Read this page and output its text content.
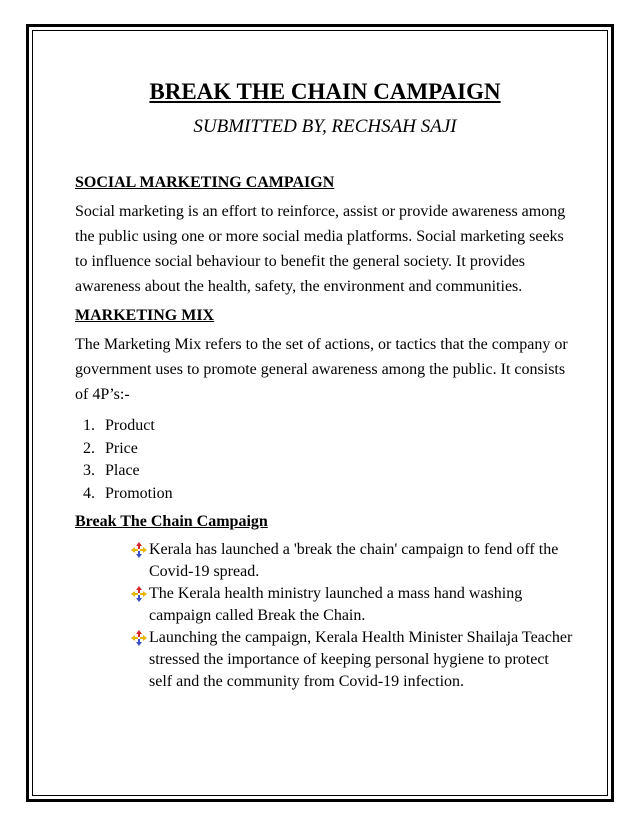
BREAK THE CHAIN CAMPAIGN

SUBMITTED BY, RECHSAH SAJI

SOCIAL MARKETING CAMPAIGN

Social marketing is an effort to reinforce, assist or provide awareness among the public using one or more social media platforms. Social marketing seeks to influence social behaviour to benefit the general society. It provides awareness about the health, safety, the environment and communities.

MARKETING MIX

The Marketing Mix refers to the set of actions, or tactics that the company or government uses to promote general awareness among the public. It consists of 4P’s:-

1. Product
2. Price
3. Place
4. Promotion
Break The Chain Campaign
Kerala has launched a 'break the chain' campaign to fend off the Covid-19 spread.
The Kerala health ministry launched a mass hand washing campaign called Break the Chain.
Launching the campaign, Kerala Health Minister Shailaja Teacher stressed the importance of keeping personal hygiene to protect self and the community from Covid-19 infection.
